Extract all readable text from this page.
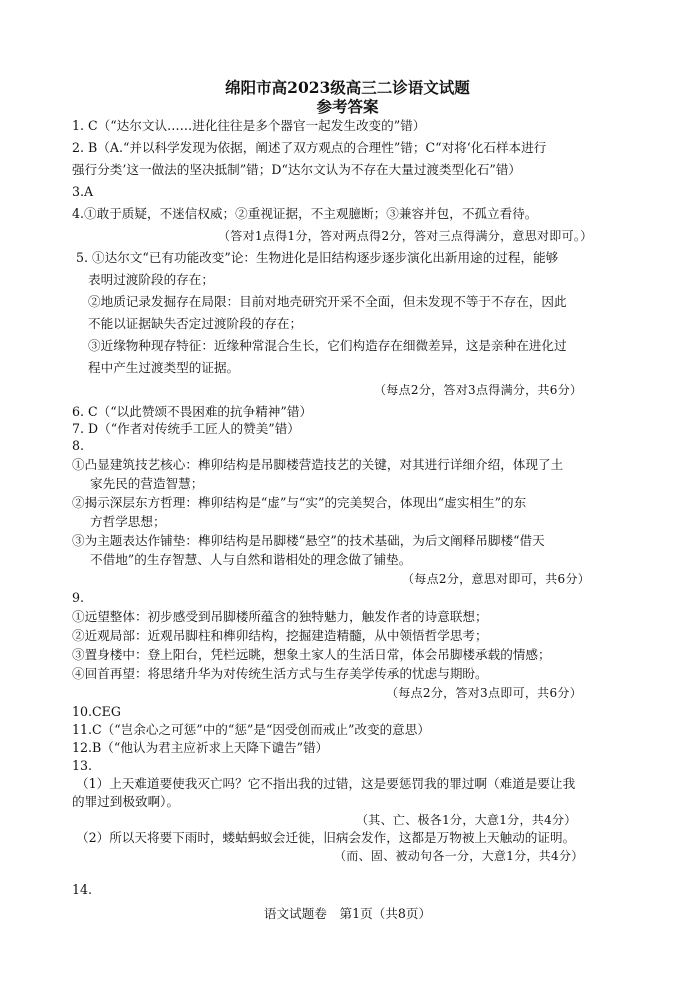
绵阳市高2023级高三二诊语文试题
参考答案
1. C（“达尔文认……进化往往是多个器官一起发生改变的”错）
2. B（A.“并以科学发现为依据，阐述了双方观点的合理性”错；C“对将‘化石样本进行
强行分类’这一做法的坚决抵制”错；D“达尔文认为不存在大量过渡类型化石”错）
3.A
4.①敢于质疑，不迷信权威；②重视证据，不主观臆断；③兼容并包，不孤立看待。
（答对1点得1分，答对两点得2分，答对三点得满分，意思对即可。）
5. ①达尔文“已有功能改变”论：生物进化是旧结构逐步逐步演化出新用途的过程，能够
表明过渡阶段的存在；
②地质记录发掘存在局限：目前对地壳研究开采不全面，但未发现不等于不存在，因此
不能以证据缺失否定过渡阶段的存在；
③近缘物种现存特征：近缘种常混合生长，它们构造存在细微差异，这是亲种在进化过
程中产生过渡类型的证据。
（每点2分，答对3点得满分，共6分）
6. C（“以此赞颂不畏困难的抗争精神”错）
7. D（“作者对传统手工匠人的赞美”错）
8.
①凸显建筑技艺核心：榫卯结构是吊脚楼营造技艺的关键，对其进行详细介绍，体现了土
家先民的营造智慧；
②揭示深层东方哲理：榫卯结构是“虚”与“实”的完美契合，体现出“虚实相生”的东
方哲学思想；
③为主题表达作铺垫：榫卯结构是吊脚楼“悬空”的技术基础，为后文阐释吊脚楼“借天
不借地”的生存智慧、人与自然和谐相处的理念做了铺垫。
（每点2分，意思对即可，共6分）
9.
①远望整体：初步感受到吊脚楼所蕴含的独特魅力，触发作者的诗意联想；
②近观局部：近观吊脚柱和榫卯结构，挖掘建造精髓，从中领悟哲学思考；
③置身楼中：登上阳台，凭栏远眺，想象土家人的生活日常，体会吊脚楼承载的情感；
④回首再望：将思绪升华为对传统生活方式与生存美学传承的忧虑与期盼。
（每点2分，答对3点即可，共6分）
10.CEG
11.C（“岂余心之可惩”中的“惩”是“因受创而戒止”改变的意思）
12.B（“他认为君主应祈求上天降下谴告”错）
13.
（1）上天难道要使我灭亡吗？它不指出我的过错，这是要惩罚我的罪过啊（难道是要让我
的罪过到极致啊）。
（其、亡、极各1分，大意1分，共4分）
（2）所以天将要下雨时，蝼蛄蚂蚁会迁徙，旧病会发作，这都是万物被上天触动的证明。
（而、固、被动句各一分，大意1分，共4分）
14.
语文试题卷　第1页（共8页）
